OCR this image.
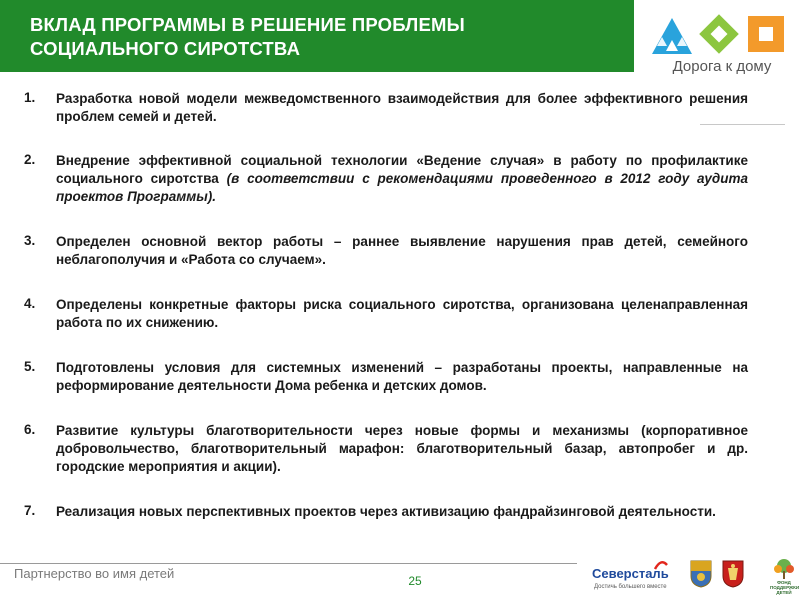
ВКЛАД ПРОГРАММЫ В РЕШЕНИЕ ПРОБЛЕМЫ
СОЦИАЛЬНОГО СИРОТСТВА
Дорога к дому
1. Разработка новой модели межведомственного взаимодействия для более эффективного решения проблем семей и детей.
2. Внедрение эффективной социальной технологии «Ведение случая» в работу по профилактике социального сиротства (в соответствии с рекомендациями проведенного в 2012 году аудита проектов Программы).
3. Определен основной вектор работы – раннее выявление нарушения прав детей, семейного неблагополучия и «Работа со случаем».
4. Определены конкретные факторы риска социального сиротства, организована целенаправленная работа по их снижению.
5. Подготовлены условия для системных изменений – разработаны проекты, направленные на реформирование деятельности Дома ребенка и детских домов.
6. Развитие культуры благотворительности через новые формы и механизмы (корпоративное добровольчество, благотворительный марафон: благотворительный базар, автопробег и др. городские мероприятия и акции).
7. Реализация новых перспективных проектов через активизацию фандрайзинговой деятельности.
Партнерство во имя детей	25	Северсталь
Достичь большего вместе
ФОНД ПОДДЕРЖКИ ДЕТЕЙ
